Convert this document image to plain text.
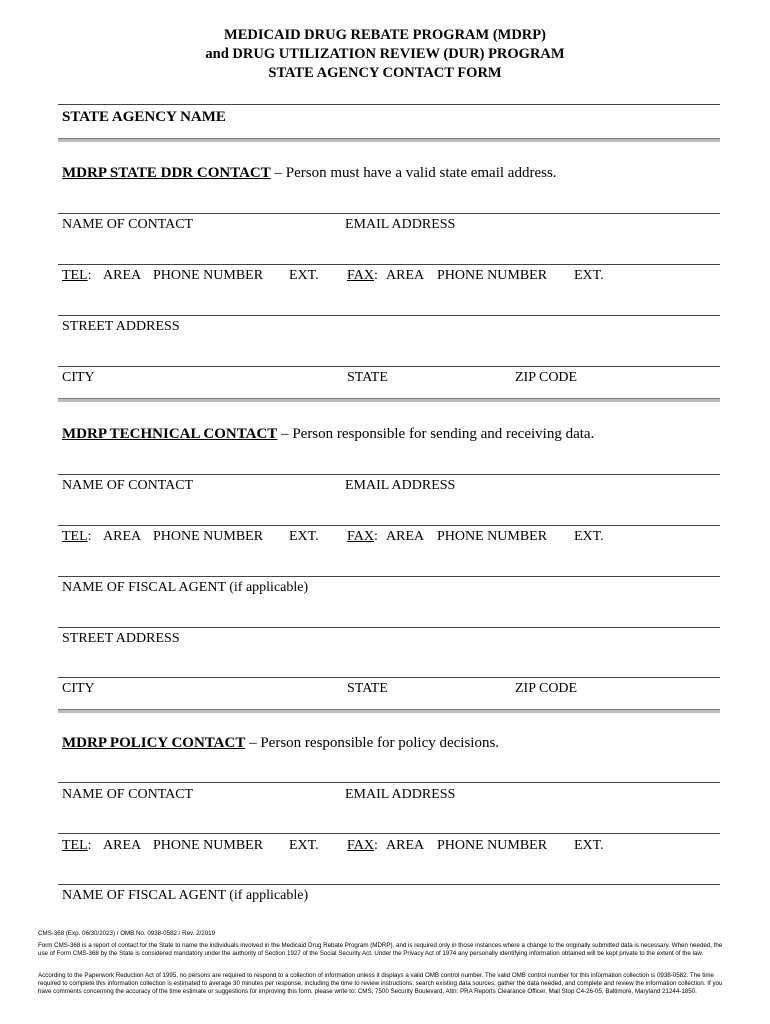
MEDICAID DRUG REBATE PROGRAM (MDRP)
and DRUG UTILIZATION REVIEW (DUR) PROGRAM
STATE AGENCY CONTACT FORM
STATE AGENCY NAME
MDRP STATE DDR CONTACT – Person must have a valid state email address.
NAME OF CONTACT	EMAIL ADDRESS
TEL: AREA PHONE NUMBER EXT. FAX: AREA PHONE NUMBER EXT.
STREET ADDRESS
CITY	STATE	ZIP CODE
MDRP TECHNICAL CONTACT – Person responsible for sending and receiving data.
NAME OF CONTACT	EMAIL ADDRESS
TEL: AREA PHONE NUMBER EXT. FAX: AREA PHONE NUMBER EXT.
NAME OF FISCAL AGENT (if applicable)
STREET ADDRESS
CITY	STATE	ZIP CODE
MDRP POLICY CONTACT – Person responsible for policy decisions.
NAME OF CONTACT	EMAIL ADDRESS
TEL: AREA PHONE NUMBER EXT. FAX: AREA PHONE NUMBER EXT.
NAME OF FISCAL AGENT (if applicable)
CMS-368 (Exp. 06/30/2023) / OMB No. 0938-0582 / Rev. 2/2019
Form CMS-368 is a report of contact for the State to name the individuals involved in the Medicaid Drug Rebate Program (MDRP), and is required only in those instances where a change to the originally submitted data is necessary. When needed, the use of Form CMS-368 by the State is considered mandatory under the authority of Section 1927 of the Social Security Act. Under the Privacy Act of 1974 any personally identifying information obtained will be kept private to the extent of the law.
According to the Paperwork Reduction Act of 1995, no persons are required to respond to a collection of information unless it displays a valid OMB control number. The valid OMB control number for this information collection is 0938-0582. The time required to complete this information collection is estimated to average 30 minutes per response, including the time to review instructions, search existing data sources, gather the data needed, and complete and review the information collection. If you have comments concerning the accuracy of the time estimate or suggestions for improving this form, please write to: CMS, 7500 Security Boulevard, Attn: PRA Reports Clearance Officer, Mail Stop C4-26-05, Baltimore, Maryland 21244-1850.
